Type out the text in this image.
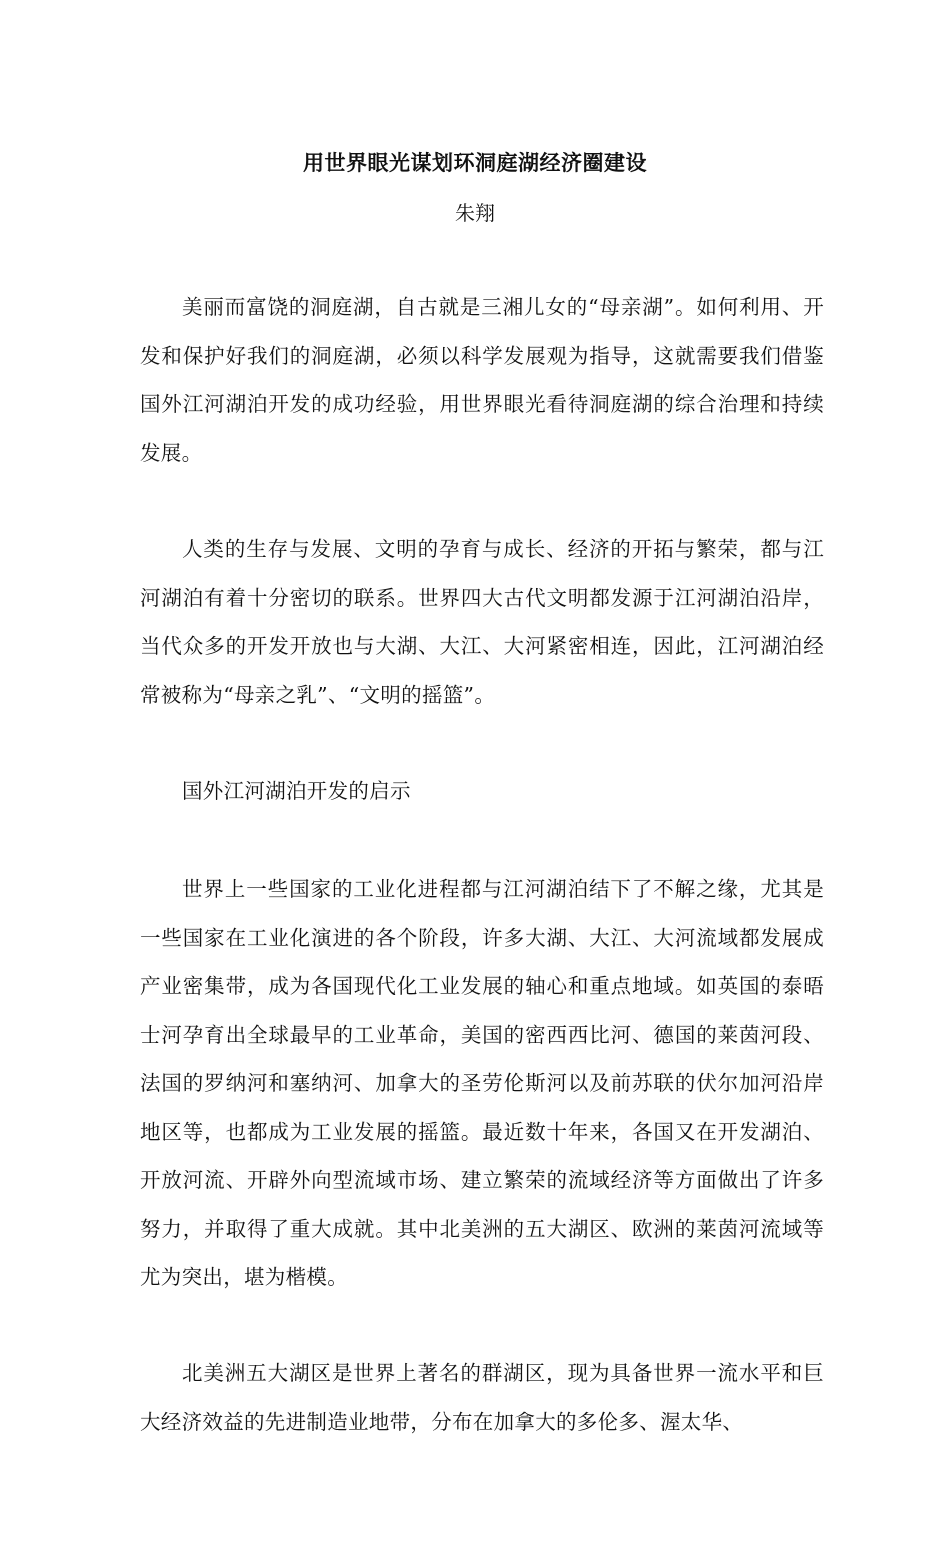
用世界眼光谋划环洞庭湖经济圈建设
朱翔

美丽而富饶的洞庭湖，自古就是三湘儿女的“母亲湖”。如何利用、开发和保护好我们的洞庭湖，必须以科学发展观为指导，这就需要我们借鉴国外江河湖泊开发的成功经验，用世界眼光看待洞庭湖的综合治理和持续发展。

人类的生存与发展、文明的孕育与成长、经济的开拓与繁荣，都与江河湖泊有着十分密切的联系。世界四大古代文明都发源于江河湖泊沿岸，当代众多的开发开放也与大湖、大江、大河紧密相连，因此，江河湖泊经常被称为“母亲之乳”、“文明的摇篮”。

国外江河湖泊开发的启示

世界上一些国家的工业化进程都与江河湖泊结下了不解之缘，尤其是一些国家在工业化演进的各个阶段，许多大湖、大江、大河流域都发展成产业密集带，成为各国现代化工业发展的轴心和重点地域。如英国的泰晤士河孕育出全球最早的工业革命，美国的密西西比河、德国的莱茵河段、法国的罗纳河和塞纳河、加拿大的圣劳伦斯河以及前苏联的伏尔加河沿岸地区等，也都成为工业发展的摇篮。最近数十年来，各国又在开发湖泊、开放河流、开辟外向型流域市场、建立繁荣的流域经济等方面做出了许多努力，并取得了重大成就。其中北美洲的五大湖区、欧洲的莱茵河流域等尤为突出，堪为楷模。

北美洲五大湖区是世界上著名的群湖区，现为具备世界一流水平和巨大经济效益的先进制造业地带，分布在加拿大的多伦多、渥太华、
